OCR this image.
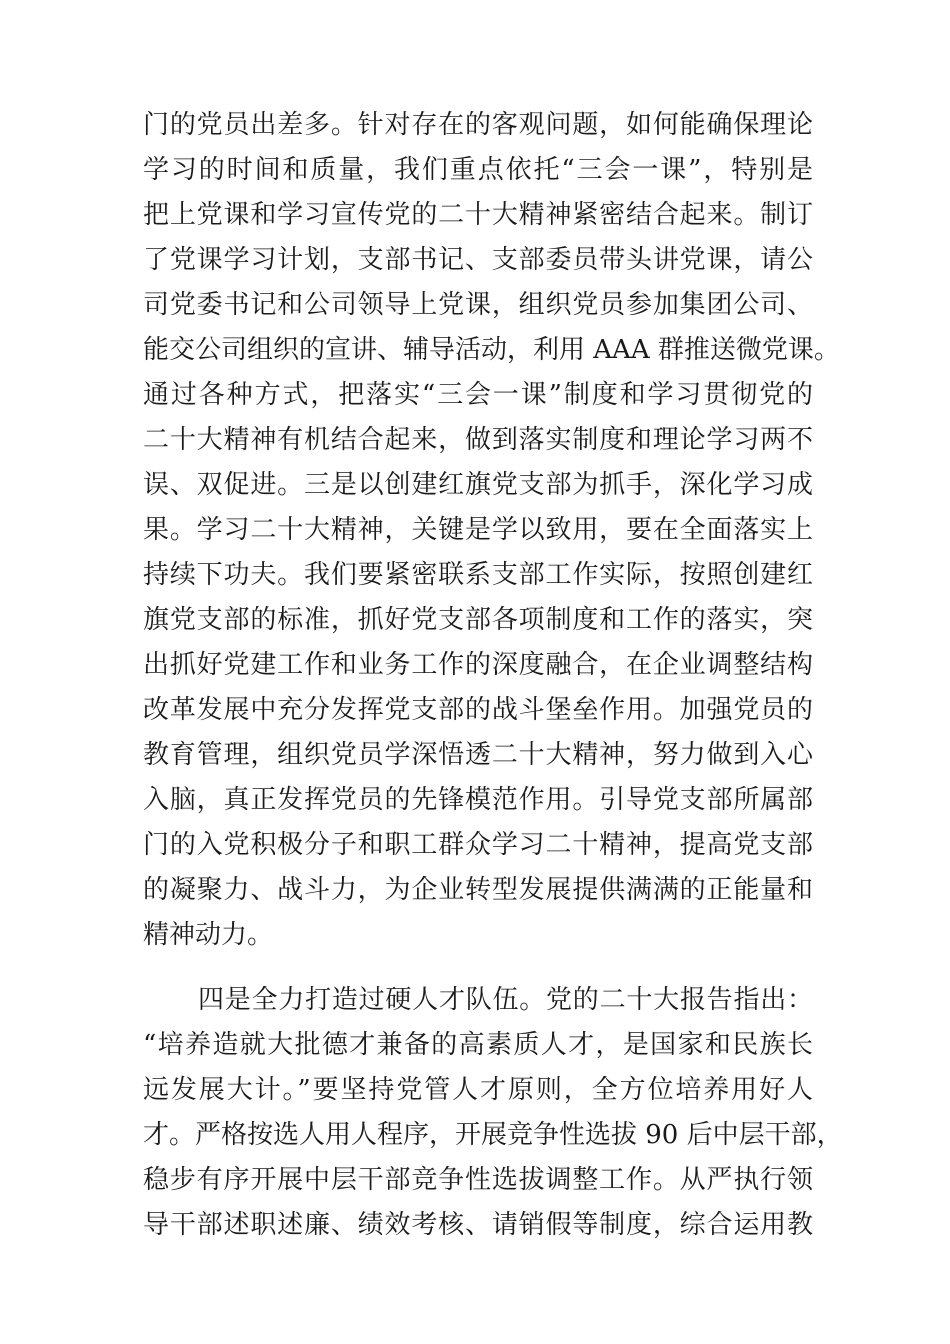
门的党员出差多。针对存在的客观问题，如何能确保理论
学习的时间和质量，我们重点依托“三会一课”，特别是
把上党课和学习宣传党的二十大精神紧密结合起来。制订
了党课学习计划，支部书记、支部委员带头讲党课，请公
司党委书记和公司领导上党课，组织党员参加集团公司、
能交公司组织的宣讲、辅导活动，利用 AAA 群推送微党课。
通过各种方式，把落实“三会一课”制度和学习贯彻党的
二十大精神有机结合起来，做到落实制度和理论学习两不
误、双促进。三是以创建红旗党支部为抓手，深化学习成
果。学习二十大精神，关键是学以致用，要在全面落实上
持续下功夫。我们要紧密联系支部工作实际，按照创建红
旗党支部的标准，抓好党支部各项制度和工作的落实，突
出抓好党建工作和业务工作的深度融合，在企业调整结构
改革发展中充分发挥党支部的战斗堡垒作用。加强党员的
教育管理，组织党员学深悟透二十大精神，努力做到入心
入脑，真正发挥党员的先锋模范作用。引导党支部所属部
门的入党积极分子和职工群众学习二十精神，提高党支部
的凝聚力、战斗力，为企业转型发展提供满满的正能量和
精神动力。
四是全力打造过硬人才队伍。党的二十大报告指出：
“培养造就大批德才兼备的高素质人才，是国家和民族长
远发展大计。”要坚持党管人才原则，全方位培养用好人
才。严格按选人用人程序，开展竞争性选拔 90 后中层干部，
稳步有序开展中层干部竞争性选拔调整工作。从严执行领
导干部述职述廉、绩效考核、请销假等制度，综合运用教
